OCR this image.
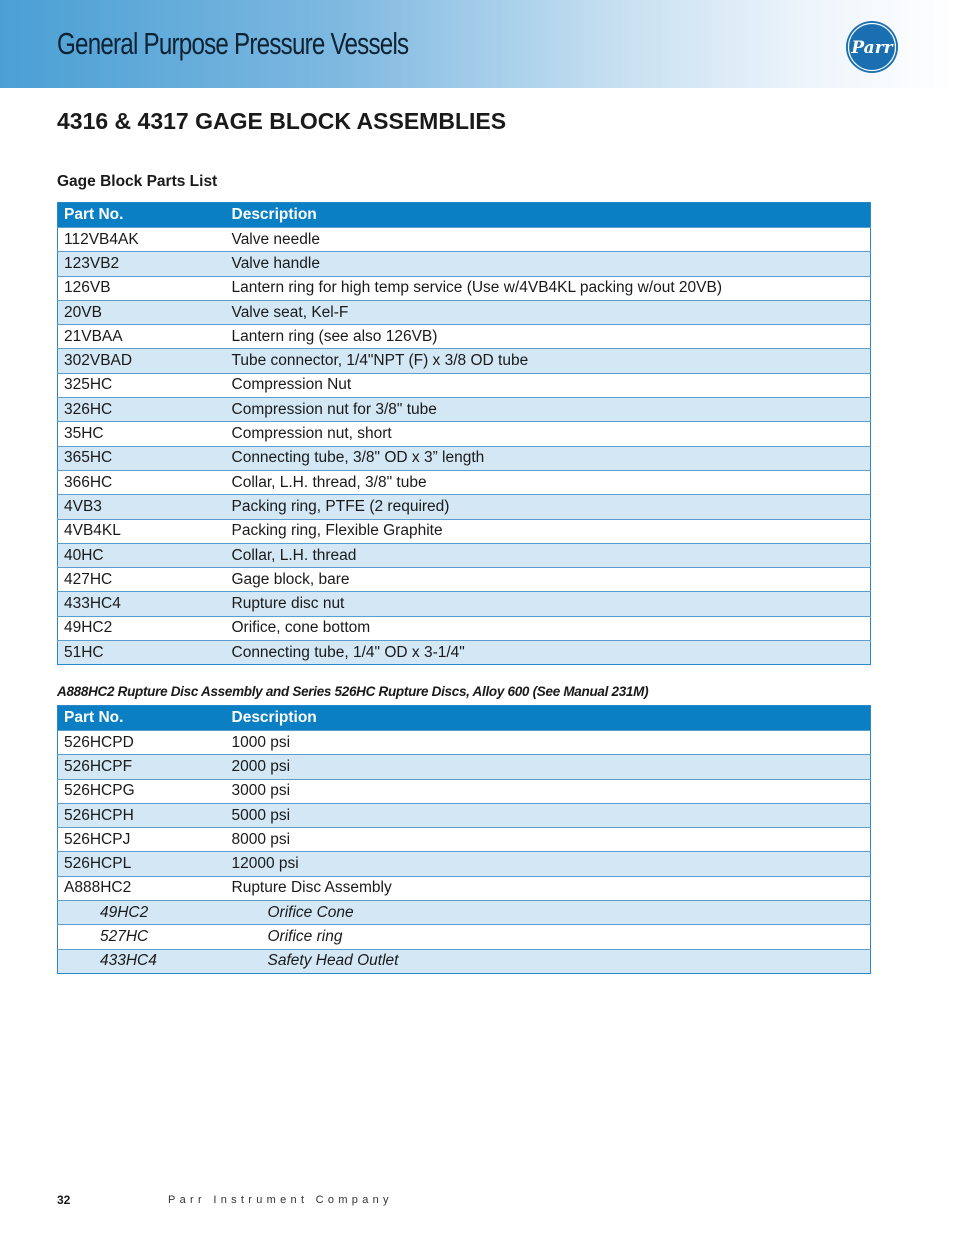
General Purpose Pressure Vessels	Parr
4316 & 4317 GAGE BLOCK ASSEMBLIES
Gage Block Parts List
Part No.	Description
112VB4AK	Valve needle
123VB2	Valve handle
126VB	Lantern ring for high temp service (Use w/4VB4KL packing w/out 20VB)
20VB	Valve seat, Kel-F
21VBAA	Lantern ring (see also 126VB)
302VBAD	Tube connector, 1/4"NPT (F) x 3/8 OD tube
325HC	Compression Nut
326HC	Compression nut for 3/8" tube
35HC	Compression nut, short
365HC	Connecting tube, 3/8" OD x 3” length
366HC	Collar, L.H. thread, 3/8" tube
4VB3	Packing ring, PTFE (2 required)
4VB4KL	Packing ring, Flexible Graphite
40HC	Collar, L.H. thread
427HC	Gage block, bare
433HC4	Rupture disc nut
49HC2	Orifice, cone bottom
51HC	Connecting tube, 1/4" OD x 3-1/4"
A888HC2 Rupture Disc Assembly and Series 526HC Rupture Discs, Alloy 600 (See Manual 231M)
Part No.	Description
526HCPD	1000 psi
526HCPF	2000 psi
526HCPG	3000 psi
526HCPH	5000 psi
526HCPJ	8000 psi
526HCPL	12000 psi
A888HC2	Rupture Disc Assembly
49HC2	Orifice Cone
527HC	Orifice ring
433HC4	Safety Head Outlet
32	Parr Instrument Company
